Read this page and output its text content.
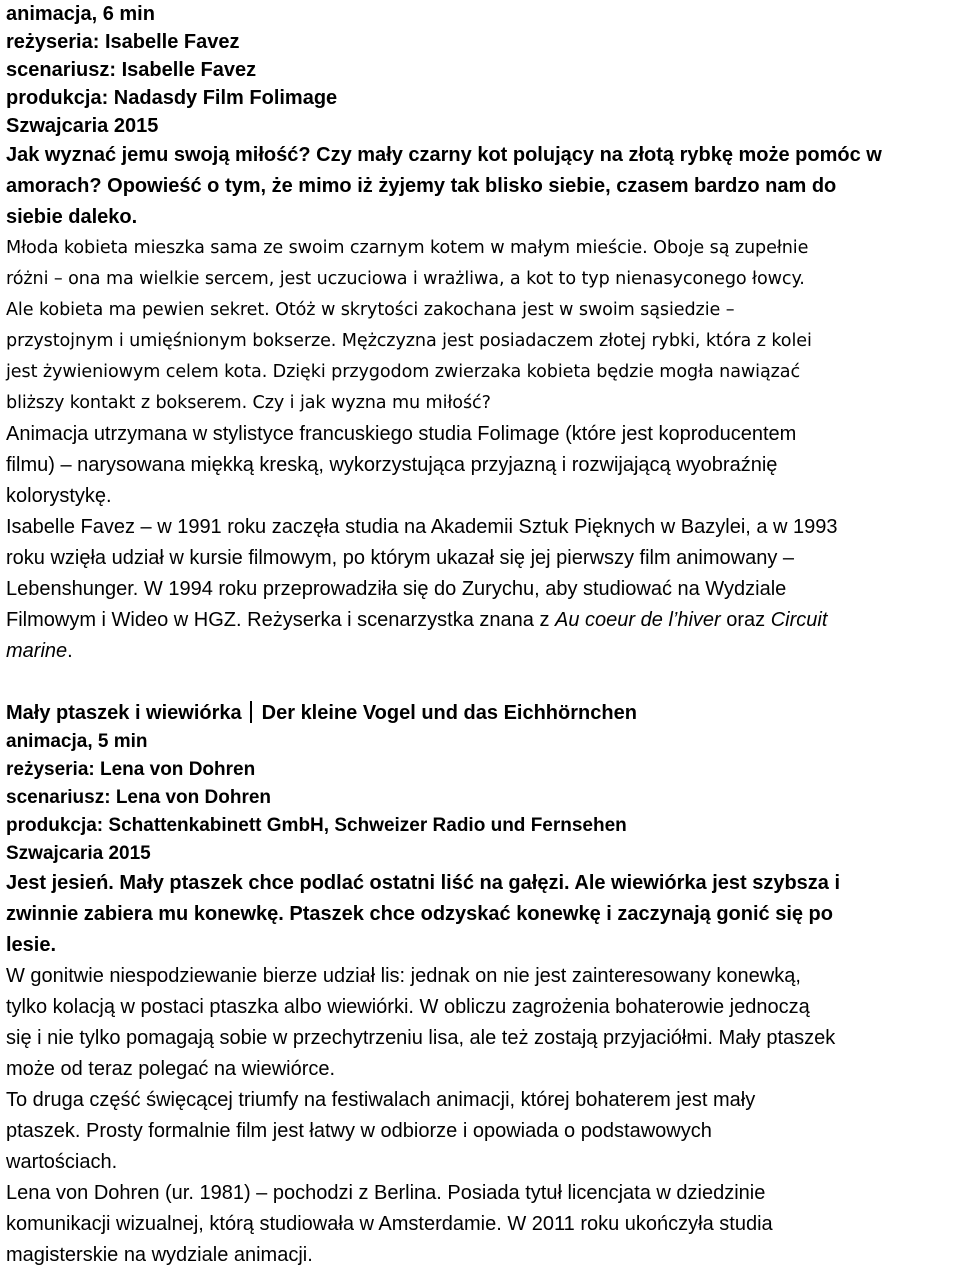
animacja, 6 min
reżyseria: Isabelle Favez
scenariusz: Isabelle Favez
produkcja: Nadasdy Film Folimage
Szwajcaria 2015
Jak wyznać jemu swoją miłość? Czy mały czarny kot polujący na złotą rybkę może pomóc w
amorach? Opowieść o tym, że mimo iż żyjemy tak blisko siebie, czasem bardzo nam do
siebie daleko.
Młoda kobieta mieszka sama ze swoim czarnym kotem w małym mieście. Oboje są zupełnie
różni – ona ma wielkie sercem, jest uczuciowa i wrażliwa, a kot to typ nienasyconego łowcy.
Ale kobieta ma pewien sekret. Otóż w skrytości zakochana jest w swoim sąsiedzie –
przystojnym i umięśnionym bokserze. Mężczyzna jest posiadaczem złotej rybki, która z kolei
jest żywieniowym celem kota. Dzięki przygodom zwierzaka kobieta będzie mogła nawiązać
bliższy kontakt z bokserem. Czy i jak wyzna mu miłość?
Animacja utrzymana w stylistyce francuskiego studia Folimage (które jest koproducentem
filmu) – narysowana miękką kreską, wykorzystująca przyjazną i rozwijającą wyobraźnię
kolorystykę.
Isabelle Favez – w 1991 roku zaczęła studia na Akademii Sztuk Pięknych w Bazylei, a w 1993
roku wzięła udział w kursie filmowym, po którym ukazał się jej pierwszy film animowany –
Lebenshunger. W 1994 roku przeprowadziła się do Zurychu, aby studiować na Wydziale
Filmowym i Wideo w HGZ. Reżyserka i scenarzystka znana z Au coeur de l’hiver oraz Circuit
marine.
Mały ptaszek i wiewiórka Der kleine Vogel und das Eichhörnchen
animacja, 5 min
reżyseria: Lena von Dohren
scenariusz: Lena von Dohren
produkcja: Schattenkabinett GmbH, Schweizer Radio und Fernsehen
Szwajcaria 2015
Jest jesień. Mały ptaszek chce podlać ostatni liść na gałęzi. Ale wiewiórka jest szybsza i
zwinnie zabiera mu konewkę. Ptaszek chce odzyskać konewkę i zaczynają gonić się po
lesie.
W gonitwie niespodziewanie bierze udział lis: jednak on nie jest zainteresowany konewką,
tylko kolacją w postaci ptaszka albo wiewiórki. W obliczu zagrożenia bohaterowie jednoczą
się i nie tylko pomagają sobie w przechytrzeniu lisa, ale też zostają przyjaciółmi. Mały ptaszek
może od teraz polegać na wiewiórce.
To druga część święcącej triumfy na festiwalach animacji, której bohaterem jest mały
ptaszek. Prosty formalnie film jest łatwy w odbiorze i opowiada o podstawowych
wartościach.
Lena von Dohren (ur. 1981) – pochodzi z Berlina. Posiada tytuł licencjata w dziedzinie
komunikacji wizualnej, którą studiowała w Amsterdamie. W 2011 roku ukończyła studia
magisterskie na wydziale animacji.
